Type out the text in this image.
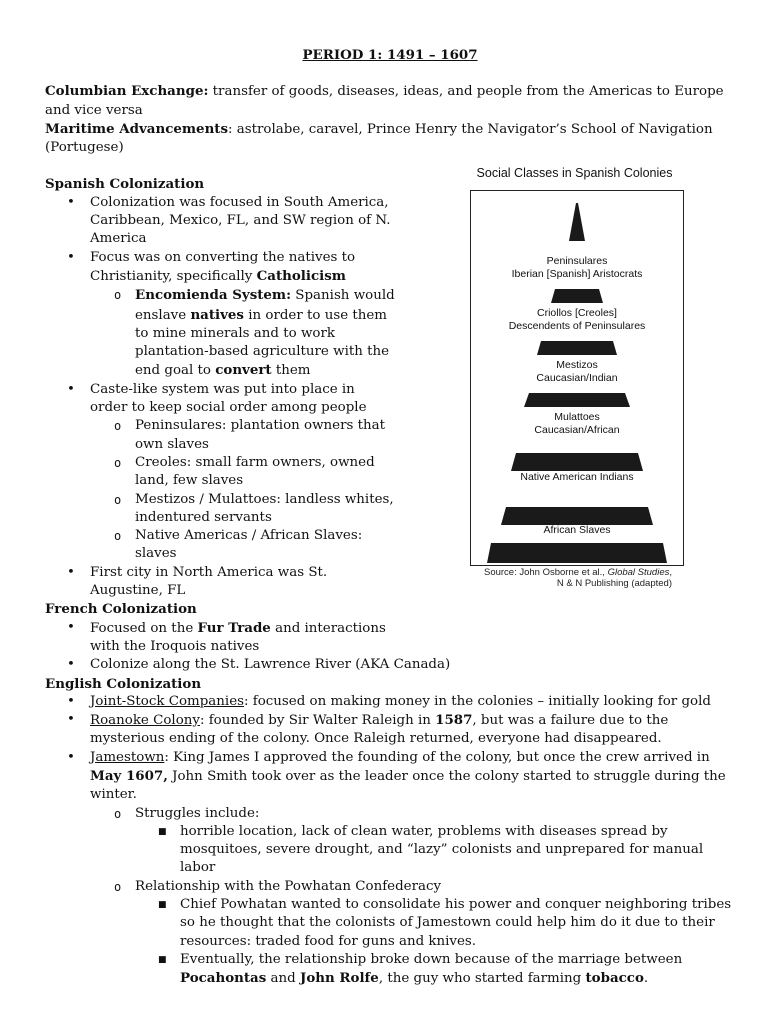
PERIOD 1: 1491 – 1607

Columbian Exchange: transfer of goods, diseases, ideas, and people from the Americas to Europe and vice versa

Maritime Advancements: astrolabe, caravel, Prince Henry the Navigator’s School of Navigation (Portugese)

Spanish Colonization

• Colonization was focused in South America, Caribbean, Mexico, FL, and SW region of N. America
• Focus was on converting the natives to Christianity, specifically Catholicism
o Encomienda System: Spanish would enslave natives in order to use them to mine minerals and to work plantation-based agriculture with the end goal to convert them
• Caste-like system was put into place in order to keep social order among people
o Peninsulares: plantation owners that own slaves
o Creoles: small farm owners, owned land, few slaves
o Mestizos / Mulattoes: landless whites, indentured servants
o Native Americas / African Slaves: slaves
• First city in North America was St. Augustine, FL

French Colonization

• Focused on the Fur Trade and interactions with the Iroquois natives
• Colonize along the St. Lawrence River (AKA Canada)

English Colonization

• Joint-Stock Companies: focused on making money in the colonies – initially looking for gold
• Roanoke Colony: founded by Sir Walter Raleigh in 1587, but was a failure due to the mysterious ending of the colony. Once Raleigh returned, everyone had disappeared.
• Jamestown: King James I approved the founding of the colony, but once the crew arrived in May 1607, John Smith took over as the leader once the colony started to struggle during the winter.
o Struggles include:
■ horrible location, lack of clean water, problems with diseases spread by mosquitoes, severe drought, and “lazy” colonists and unprepared for manual labor
o Relationship with the Powhatan Confederacy
■ Chief Powhatan wanted to consolidate his power and conquer neighboring tribes so he thought that the colonists of Jamestown could help him do it due to their resources: traded food for guns and knives.
■ Eventually, the relationship broke down because of the marriage between Pocahontas and John Rolfe, the guy who started farming tobacco.
Social Classes in Spanish Colonies
Peninsulares
Iberian [Spanish] Aristocrats
Criollos [Creoles]
Descendents of Peninsulares
Mestizos
Caucasian/Indian
Mulattoes
Caucasian/African
Native American Indians
African Slaves
Source: John Osborne et al., Global Studies,
N & N Publishing (adapted)
